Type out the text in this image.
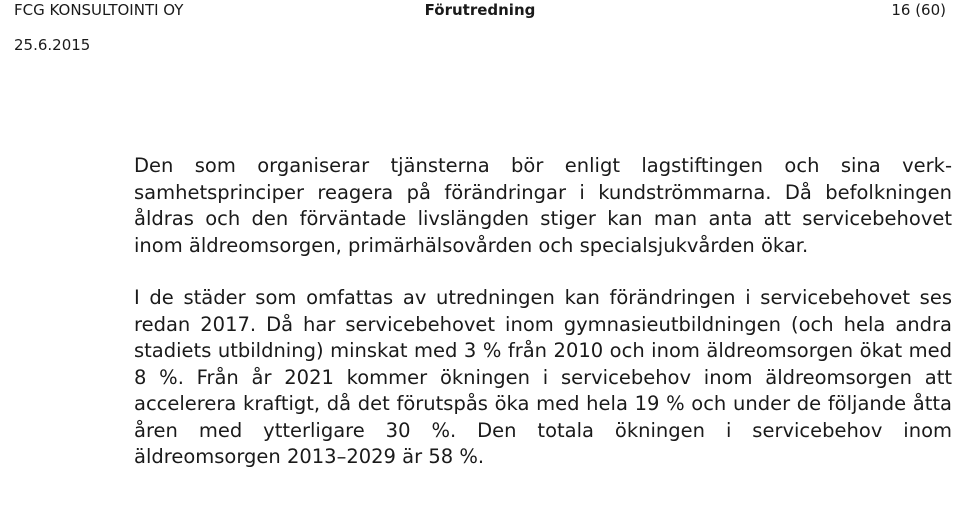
FCG KONSULTOINTI OY	Förutredning	16 (60)
25.6.2015

Den som organiserar tjänsterna bör enligt lagstiftingen och sina verksamhetsprinciper reagera på förändringar i kundströmmarna. Då befolkningen åldras och den förväntade livslängden stiger kan man anta att servicebehovet inom äldreomsorgen, primärhälsovården och specialsjukvården ökar.

I de städer som omfattas av utredningen kan förändringen i servicebehovet ses redan 2017. Då har servicebehovet inom gymnasieutbildningen (och hela andra stadiets utbildning) minskat med 3 % från 2010 och inom äldreomsorgen ökat med 8 %. Från år 2021 kommer ökningen i servicebehov inom äldreomsorgen att accelerera kraftigt, då det förutspås öka med hela 19 % och under de följande åtta åren med ytterligare 30 %. Den totala ökningen i servicebehov inom äldreomsorgen 2013–2029 är 58 %.
